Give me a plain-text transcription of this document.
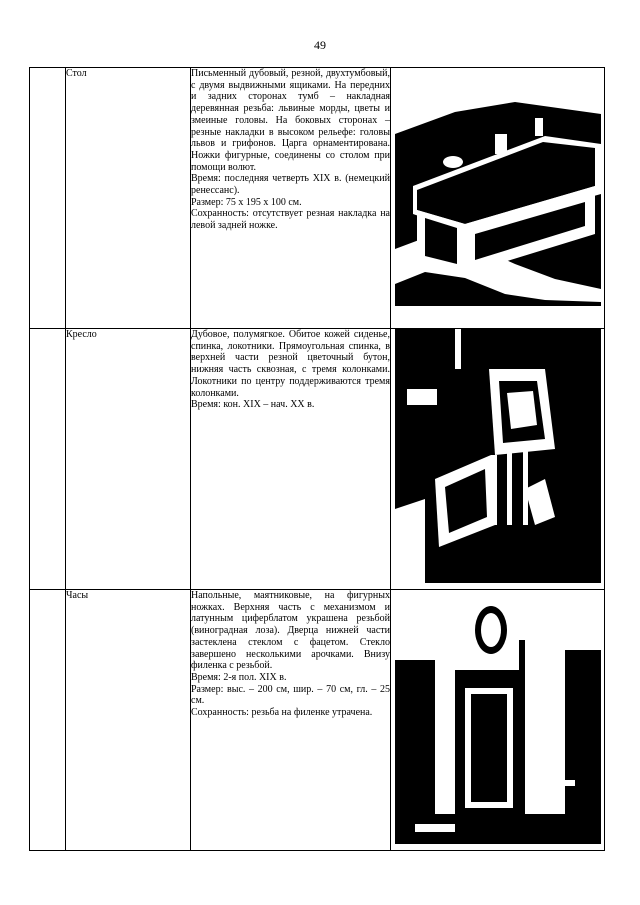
49
	Стол	Письменный дубовый, резной, двухтумбовый, с двумя выдвижными ящиками. На передних и задних сторонах тумб – накладная деревянная резьба: львиные морды, цветы и змеиные головы. На боковых сторонах – резные накладки в высоком рельефе: головы львов и грифонов. Царга орнаментирована. Ножки фигурные, соединены со столом при помощи волют.

Время: последняя четверть XIX в. (немецкий ренессанс).

Размер: 75 х 195 х 100 см.

Сохранность: отсутствует резная накладка на левой задней ножке.

	Кресло	Дубовое, полумягкое. Обитое кожей сиденье, спинка, локотники. Прямоугольная спинка, в верхней части резной цветочный бутон, нижняя часть сквозная, с тремя колонками. Локотники по центру поддерживаются тремя колонками.

Время: кон. XIX – нач. XX в.

	Часы	Напольные, маятниковые, на фигурных ножках. Верхняя часть с механизмом и латунным циферблатом украшена резьбой (виноградная лоза). Дверца нижней части застеклена стеклом с фацетом. Стекло завершено несколькими арочками. Внизу филенка с резьбой.

Время: 2-я пол. XIX в.

Размер: выс. – 200 см, шир. – 70 см, гл. – 25 см.

Сохранность: резьба на филенке утрачена.
